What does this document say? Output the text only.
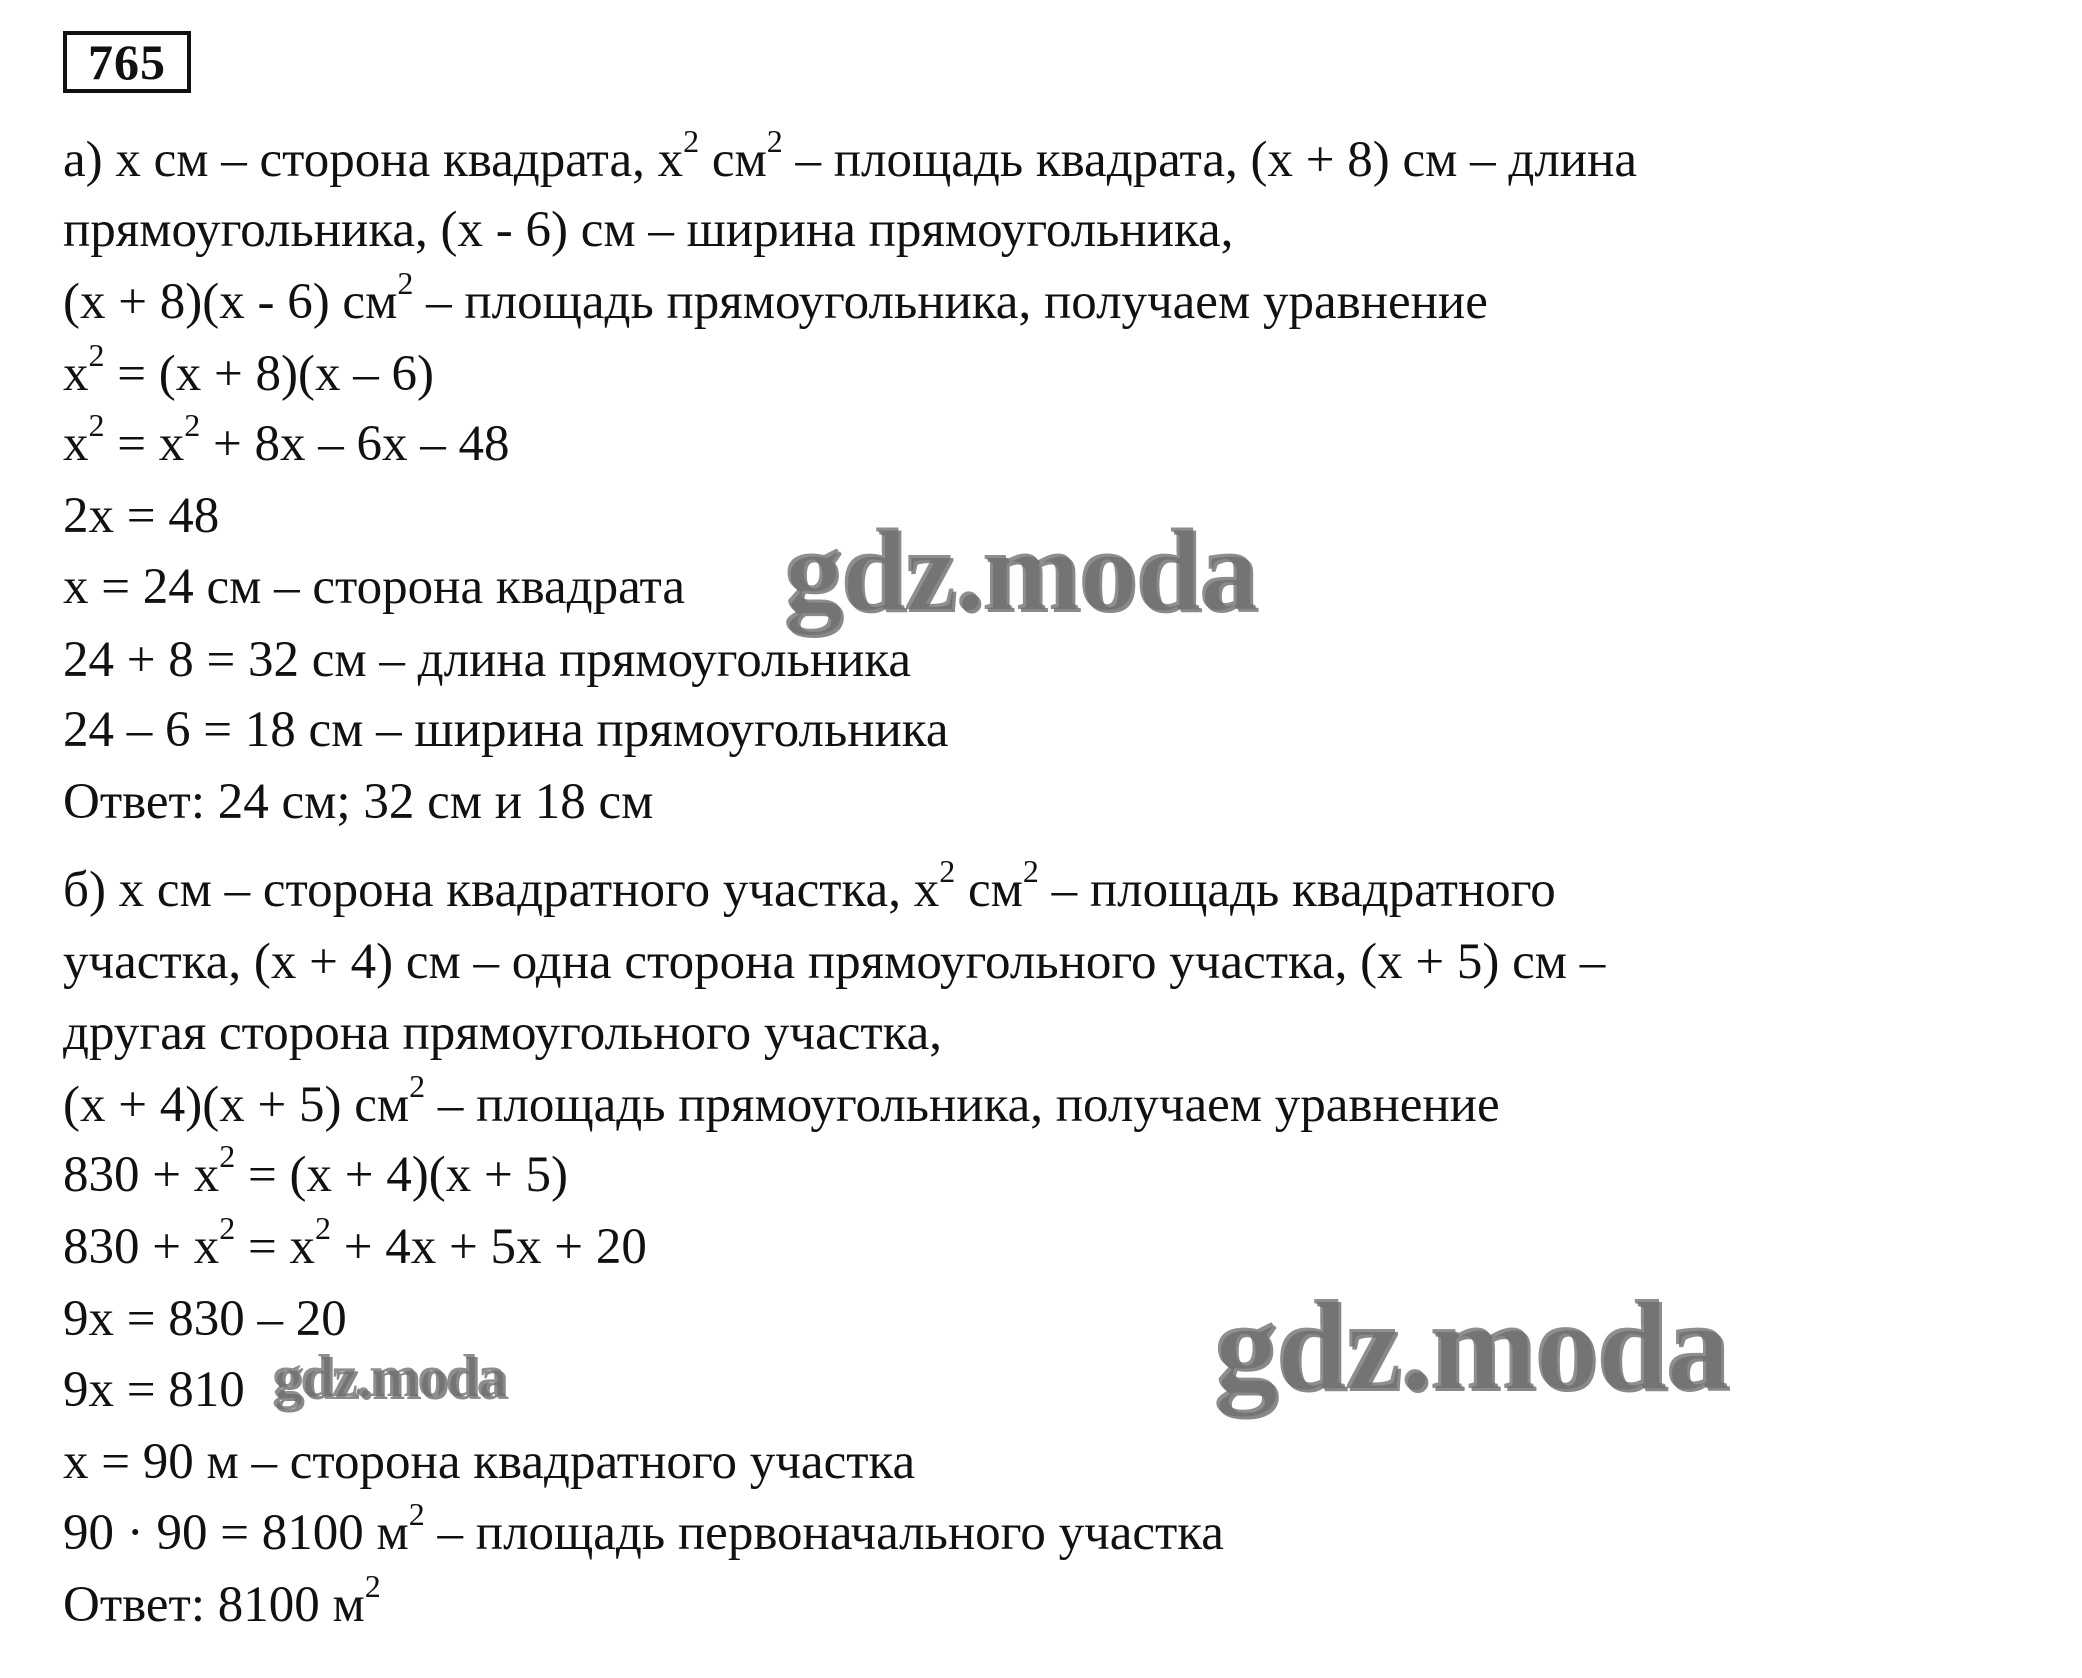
765
а) x см – сторона квадрата, $x^2$ $см^2$ – площадь квадрата, (x + 8) см – длина
прямоугольника, (x - 6) см – ширина прямоугольника,
(x + 8)(x - 6) $см^2$ – площадь прямоугольника, получаем уравнение
$x^2 = (x + 8)(x - 6)$
$x^2 = x^2 + 8x - 6x - 48$
2x = 48
x = 24 см – сторона квадрата
24 + 8 = 32 см – длина прямоугольника
24 – 6 = 18 см – ширина прямоугольника
Ответ: 24 см; 32 см и 18 см
б) x см – сторона квадратного участка, $x^2$ $см^2$ – площадь квадратного
участка, (x + 4) см – одна сторона прямоугольного участка, (x + 5) см –
другая сторона прямоугольного участка,
(x + 4)(x + 5) $см^2$ – площадь прямоугольника, получаем уравнение
$830 + x^2 = (x + 4)(x + 5)$
$830 + x^2 = x^2 + 4x + 5x + 20$
9x = 830 – 20
9x = 810
x = 90 м – сторона квадратного участка
90 · 90 = 8100 $м^2$ – площадь первоначального участка
Ответ: 8100 $м^2$
gdz.moda
gdz.moda
gdz.moda
